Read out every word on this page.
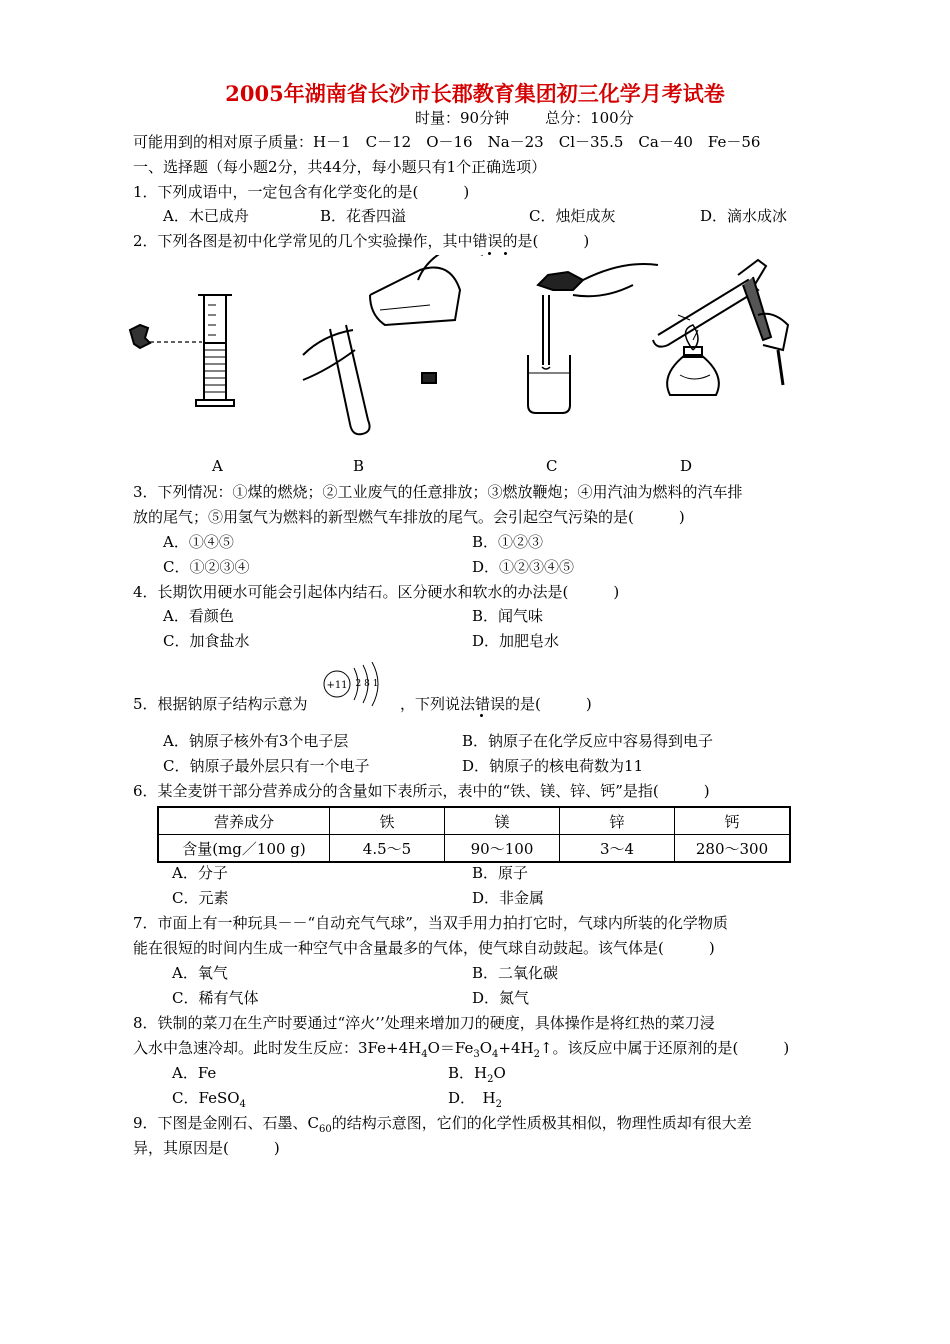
2005年湖南省长沙市长郡教育集团初三化学月考试卷
时量：90分钟 总分：100分
可能用到的相对原子质量：H－1　C－12　O－16　Na－23　Cl－35.5　Ca－40　Fe－56
一、选择题（每小题2分，共44分，每小题只有1个正确选项）
1．下列成语中，一定包含有化学变化的是(　　　)
A．木已成舟	B．花香四溢	C．烛炬成灰	D．滴水成冰
2．下列各图是初中化学常见的几个实验操作，其中错误的是(　　　)
A	B	C	D
3．下列情况：①煤的燃烧；②工业废气的任意排放；③燃放鞭炮；④用汽油为燃料的汽车排
放的尾气；⑤用氢气为燃料的新型燃气车排放的尾气。会引起空气污染的是(　　　)
A．①④⑤	B．①②③
C．①②③④	D．①②③④⑤
4．长期饮用硬水可能会引起体内结石。区分硬水和软水的办法是(　　　)
A．看颜色	B．闻气味
C．加食盐水	D．加肥皂水
5．根据钠原子结构示意为
+11 2 8 1
，下列说法错误的是(　　　)
A．钠原子核外有3个电子层	B．钠原子在化学反应中容易得到电子
C．钠原子最外层只有一个电子	D．钠原子的核电荷数为11
6．某全麦饼干部分营养成分的含量如下表所示，表中的“铁、镁、锌、钙”是指(　　　)
营养成分	铁	镁	锌	钙
含量(mg／100 g)	4.5～5	90～100	3～4	280～300
A．分子	B．原子
C．元素	D．非金属
7．市面上有一种玩具－－“自动充气气球”，当双手用力拍打它时，气球内所装的化学物质
能在很短的时间内生成一种空气中含量最多的气体，使气球自动鼓起。该气体是(　　　)
A．氧气	B．二氧化碳
C．稀有气体	D．氮气
8．铁制的菜刀在生产时要通过“淬火’’处理来增加刀的硬度，具体操作是将红热的菜刀浸
入水中急速冷却。此时发生反应：$3Fe+4H_4O=Fe_3O_4+4H_2↑$。该反应中属于还原剂的是(　　　)
A．Fe	B．$H_2O$
C．FeSO$_4$	D．　$H_2$
9．下图是金刚石、石墨、$C_{60}$的结构示意图，它们的化学性质极其相似，物理性质却有很大差
异，其原因是(　　　)
